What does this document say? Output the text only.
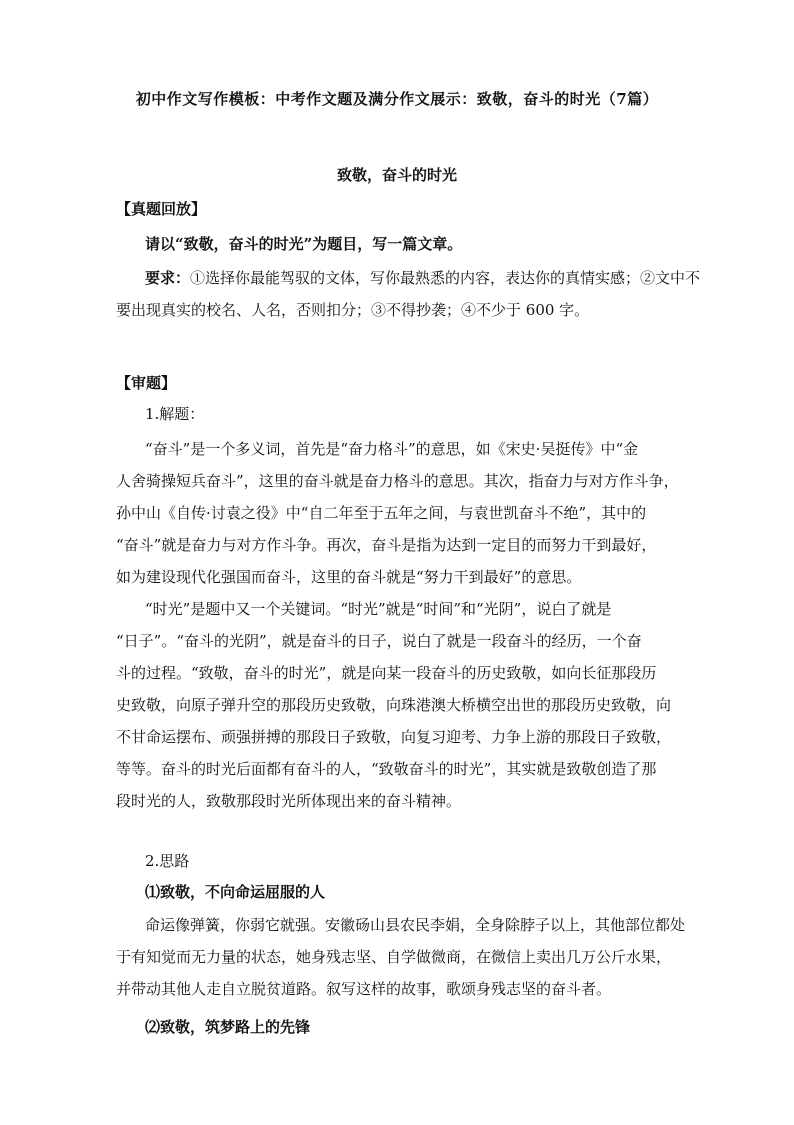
初中作文写作模板：中考作文题及满分作文展示：致敬，奋斗的时光（7篇）
致敬，奋斗的时光
【真题回放】
请以“致敬，奋斗的时光”为题目，写一篇文章。
要求：①选择你最能驾驭的文体，写你最熟悉的内容，表达你的真情实感；②文中不
要出现真实的校名、人名，否则扣分；③不得抄袭；④不少于 600 字。
【审题】
1.解题：
“奋斗”是一个多义词，首先是“奋力格斗”的意思，如《宋史·吴挺传》中“金
人舍骑操短兵奋斗”，这里的奋斗就是奋力格斗的意思。其次，指奋力与对方作斗争，
孙中山《自传·讨袁之役》中“自二年至于五年之间，与袁世凯奋斗不绝”，其中的
“奋斗”就是奋力与对方作斗争。再次，奋斗是指为达到一定目的而努力干到最好，
如为建设现代化强国而奋斗，这里的奋斗就是“努力干到最好”的意思。
“时光”是题中又一个关键词。“时光”就是“时间”和“光阴”，说白了就是
“日子”。“奋斗的光阴”，就是奋斗的日子，说白了就是一段奋斗的经历，一个奋
斗的过程。“致敬，奋斗的时光”，就是向某一段奋斗的历史致敬，如向长征那段历
史致敬，向原子弹升空的那段历史致敬，向珠港澳大桥横空出世的那段历史致敬，向
不甘命运摆布、顽强拼搏的那段日子致敬，向复习迎考、力争上游的那段日子致敬，
等等。奋斗的时光后面都有奋斗的人，“致敬奋斗的时光”，其实就是致敬创造了那
段时光的人，致敬那段时光所体现出来的奋斗精神。
2.思路
⑴致敬，不向命运屈服的人
命运像弹簧，你弱它就强。安徽砀山县农民李娟，全身除脖子以上，其他部位都处
于有知觉而无力量的状态，她身残志坚、自学做微商，在微信上卖出几万公斤水果，
并带动其他人走自立脱贫道路。叙写这样的故事，歌颂身残志坚的奋斗者。
⑵致敬，筑梦路上的先锋
